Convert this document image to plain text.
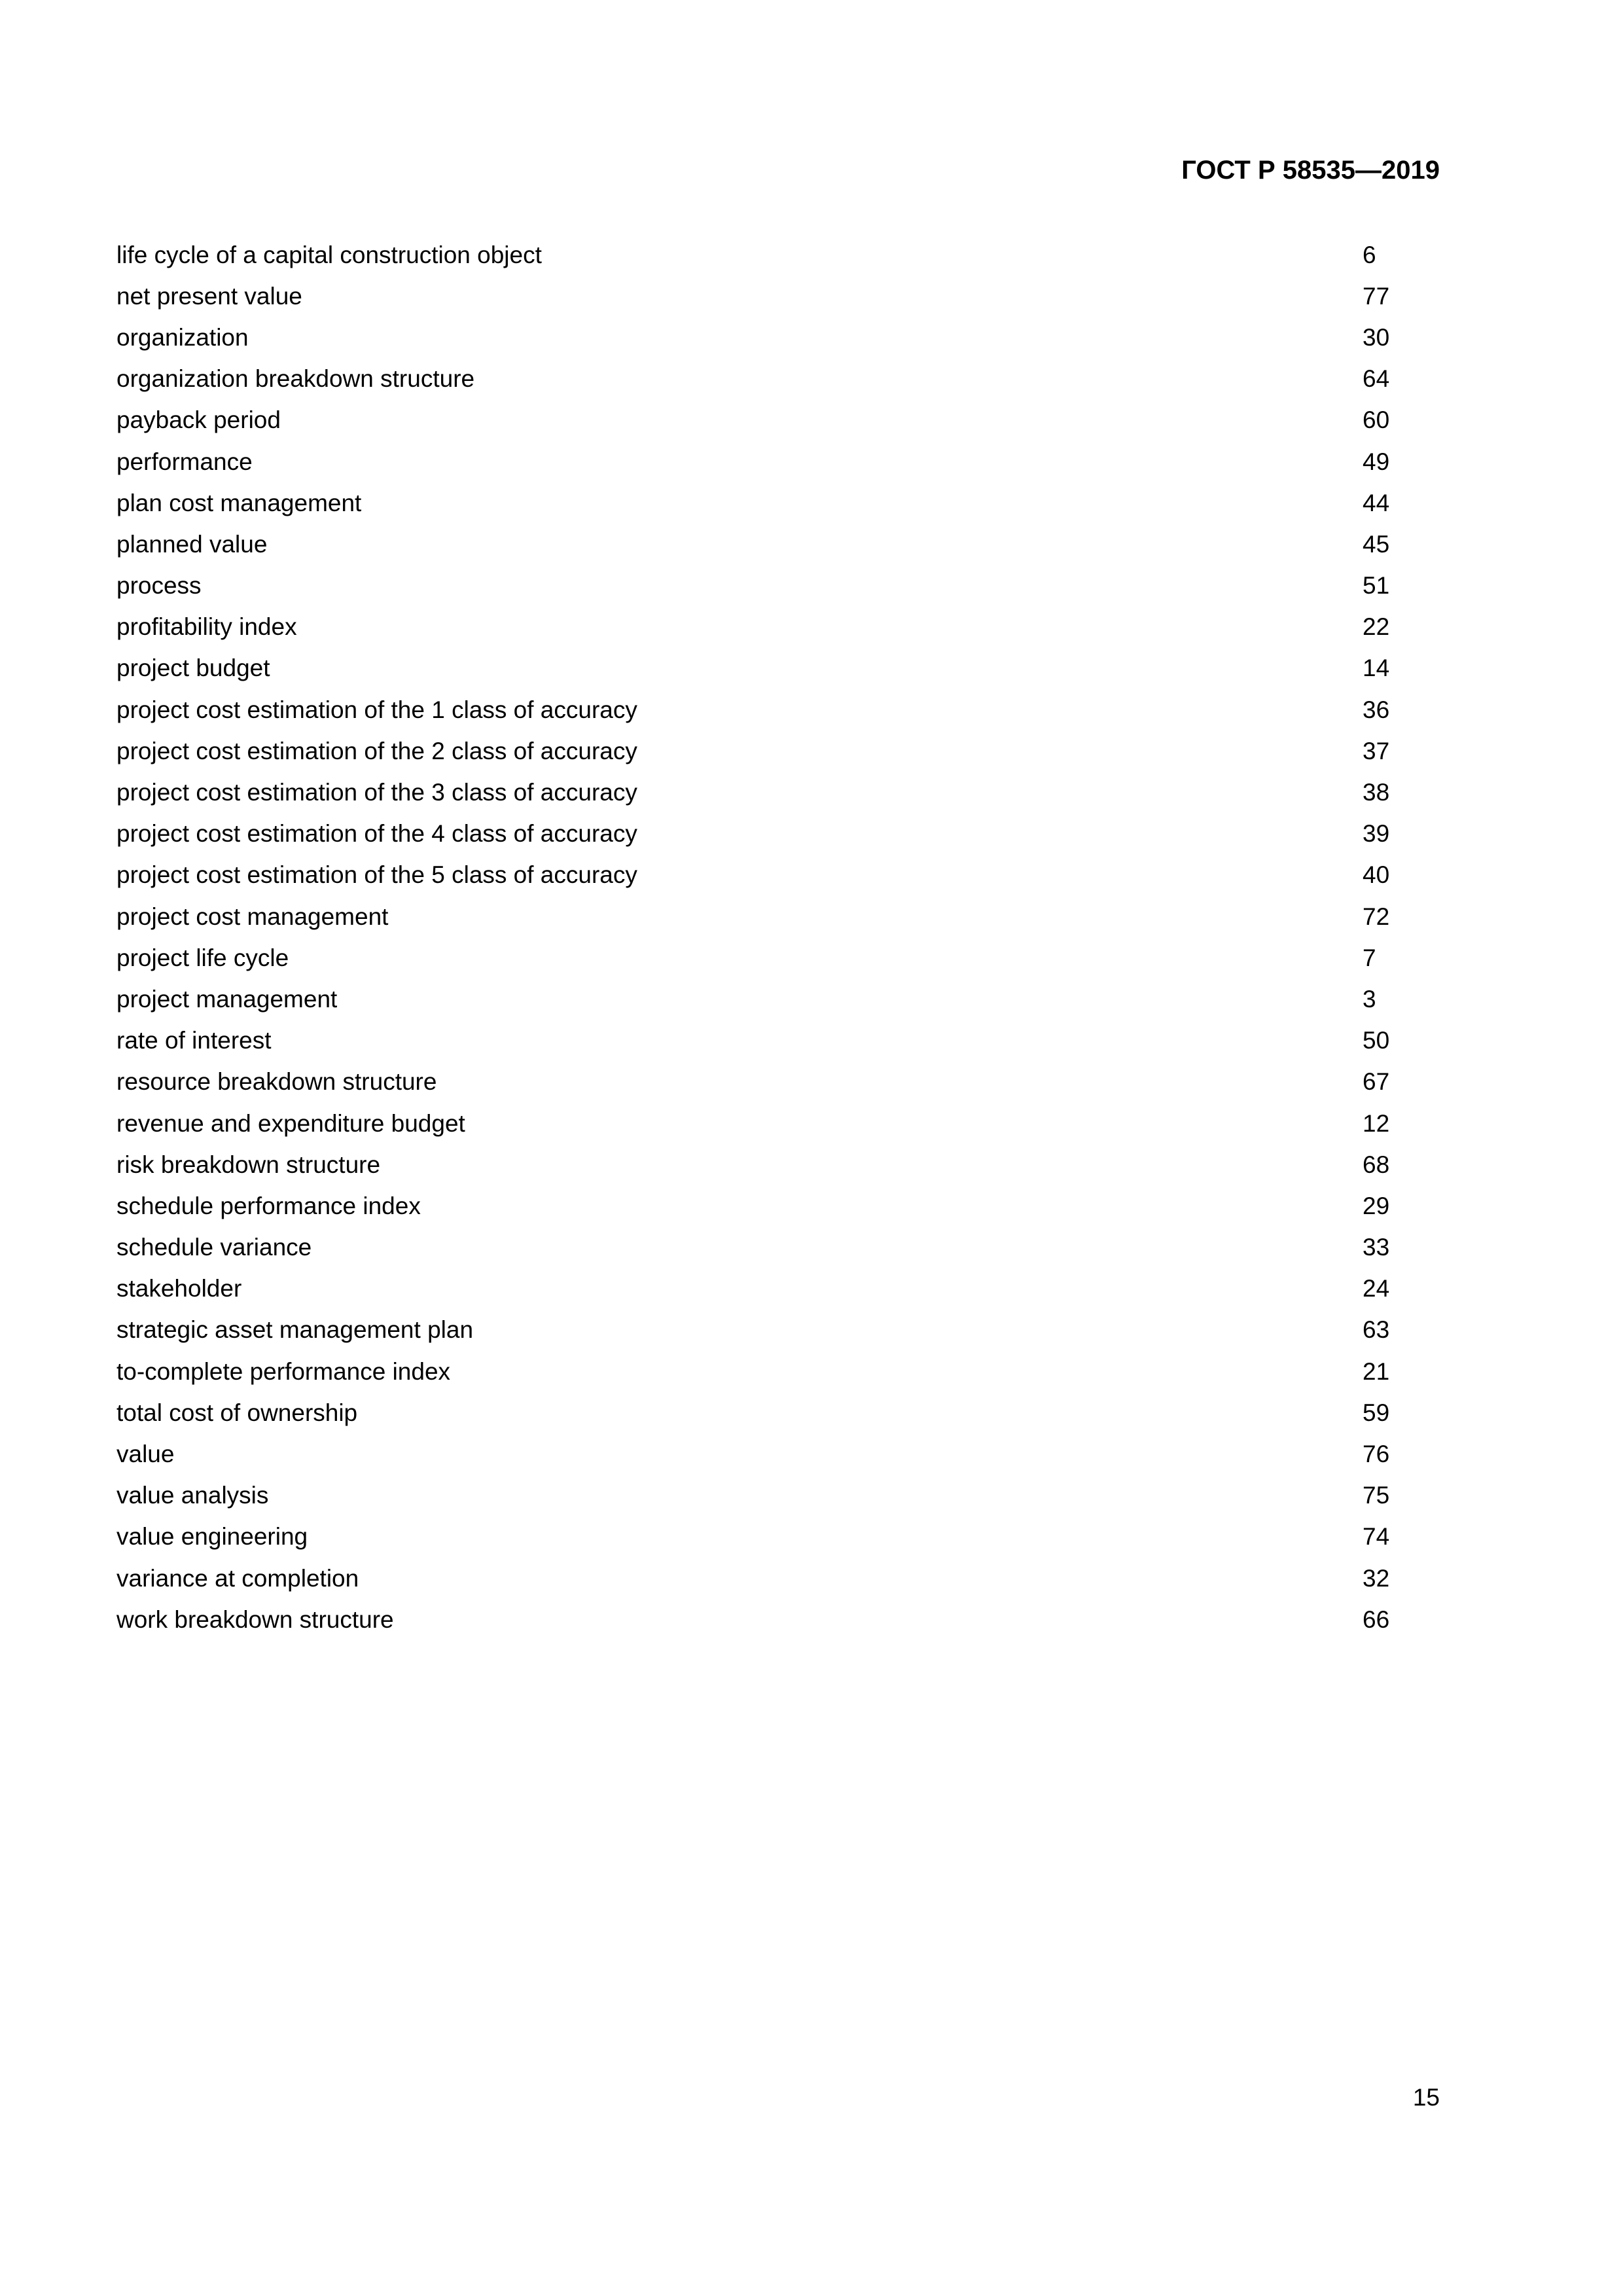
ГОСТ Р 58535—2019
life cycle of a capital construction object	6
net present value	77
organization	30
organization breakdown structure	64
payback period	60
performance	49
plan cost management	44
planned value	45
process	51
profitability index	22
project budget	14
project cost estimation of the 1 class of accuracy	36
project cost estimation of the 2 class of accuracy	37
project cost estimation of the 3 class of accuracy	38
project cost estimation of the 4 class of accuracy	39
project cost estimation of the 5 class of accuracy	40
project cost management	72
project life cycle	7
project management	3
rate of interest	50
resource breakdown structure	67
revenue and expenditure budget	12
risk breakdown structure	68
schedule performance index	29
schedule variance	33
stakeholder	24
strategic asset management plan	63
to-complete performance index	21
total cost of ownership	59
value	76
value analysis	75
value engineering	74
variance at completion	32
work breakdown structure	66
15
